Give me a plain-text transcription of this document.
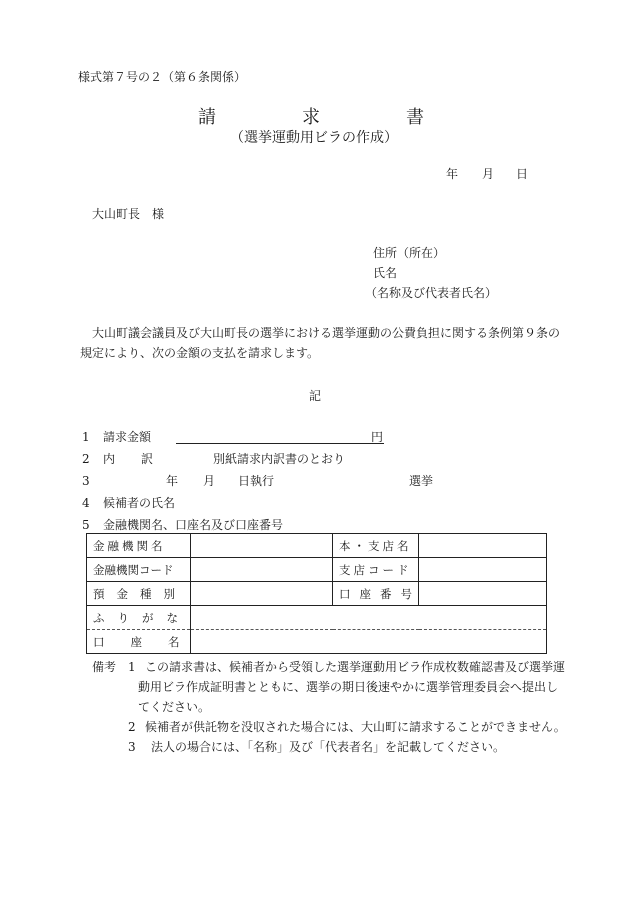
様式第７号の２（第６条関係）
請	求	書
（選挙運動用ビラの作成）
年 月 日
大山町長　様
住所（所在）
氏名
（名称及び代表者氏名）
大山町議会議員及び大山町長の選挙における選挙運動の公費負担に関する条例第９条の
規定により、次の金額の支払を請求します。
記
1 請求金額	円
2 内 訳	別紙請求内訳書のとおり
3	年 月 日執行	選挙
4 候補者の氏名
5 金融機関名、口座名及び口座番号
金融機関名		本・支店名	
金融機関コード		支店コード	
預金種別		口座番号	
ふりがな			
口座名			
備考 1 この請求書は、候補者から受領した選挙運動用ビラ作成枚数確認書及び選挙運
動用ビラ作成証明書とともに、選挙の期日後速やかに選挙管理委員会へ提出し
てください。
2 候補者が供託物を没収された場合には、大山町に請求することができません。
3 法人の場合には、「名称」及び「代表者名」を記載してください。
